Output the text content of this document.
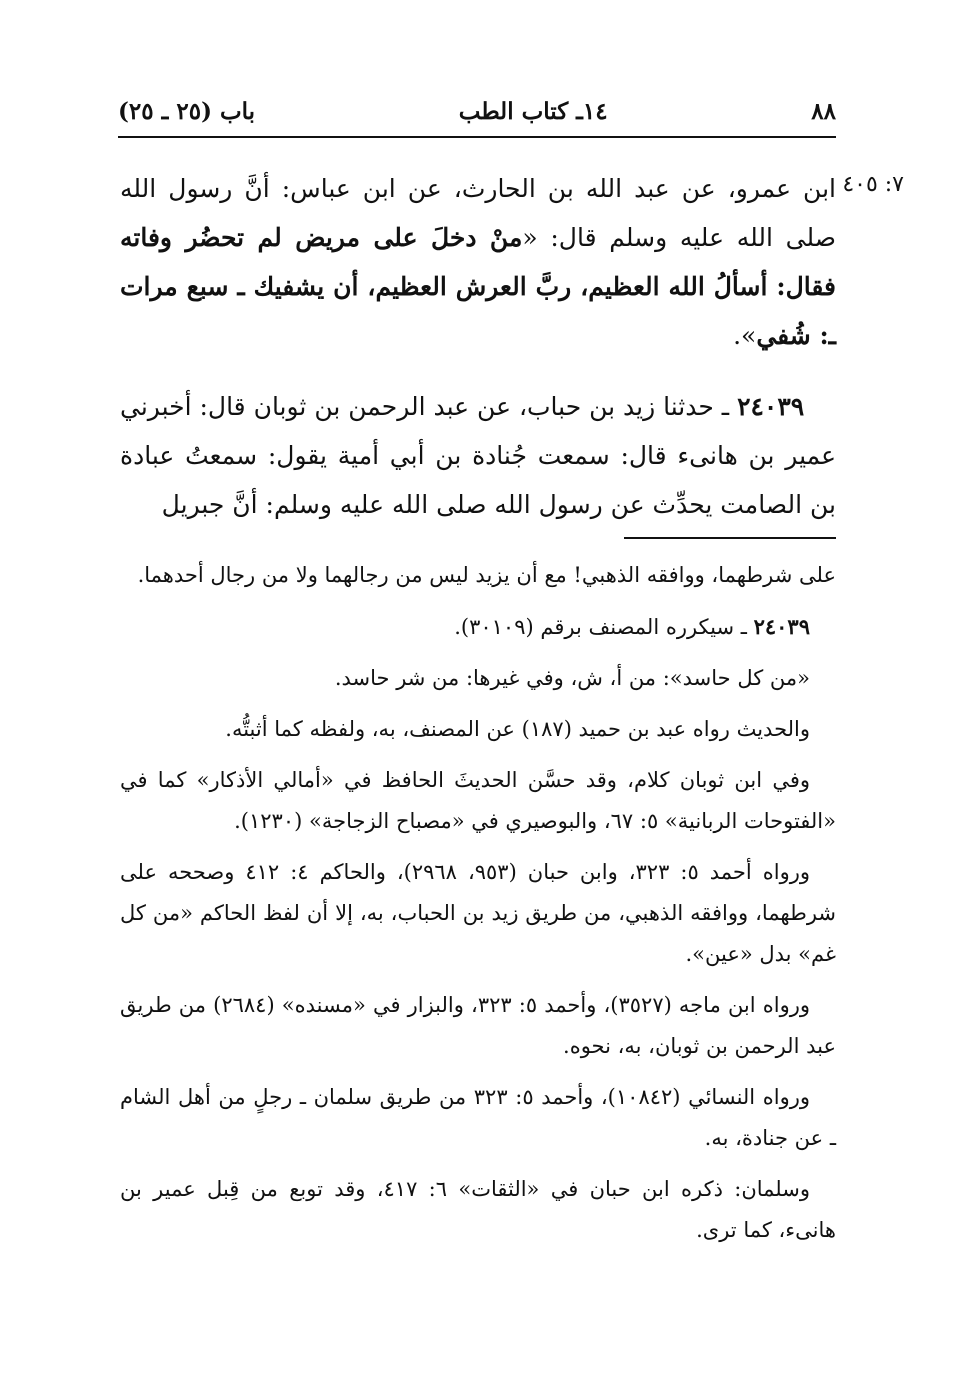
٨٨
١٤ـ كتاب الطب
باب (٢٥ ـ ٢٥)
٧: ٤٠٥

ابن عمرو، عن عبد الله بن الحارث، عن ابن عباس: أنَّ رسول الله صلى الله عليه وسلم قال: «منْ دخلَ على مريض لم تحضُر وفاته فقال: أسألُ الله العظيم، ربَّ العرش العظيم، أن يشفيك ـ سبع مرات ـ: شُفي».

٢٤٠٣٩ ـ حدثنا زيد بن حباب، عن عبد الرحمن بن ثوبان قال: أخبرني عمير بن هانىء قال: سمعت جُنادة بن أبي أمية يقول: سمعتُ عبادة بن الصامت يحدِّث عن رسول الله صلى الله عليه وسلم: أنَّ جبريل

على شرطهما، ووافقه الذهبي! مع أن يزيد ليس من رجالهما ولا من رجال أحدهما.

٢٤٠٣٩ ـ سيكرره المصنف برقم (٣٠١٠٩).

«من كل حاسد»: من أ، ش، وفي غيرها: من شر حاسد.

والحديث رواه عبد بن حميد (١٨٧) عن المصنف، به، ولفظه كما أثبتُّه.

وفي ابن ثوبان كلام، وقد حسَّن الحديثَ الحافظ في «أمالي الأذكار» كما في «الفتوحات الربانية» ٥: ٦٧، والبوصيري في «مصباح الزجاجة» (١٢٣٠).

ورواه أحمد ٥: ٣٢٣، وابن حبان (٩٥٣، ٢٩٦٨)، والحاكم ٤: ٤١٢ وصححه على شرطهما، ووافقه الذهبي، من طريق زيد بن الحباب، به، إلا أن لفظ الحاكم «من كل غم» بدل «عين».

ورواه ابن ماجه (٣٥٢٧)، وأحمد ٥: ٣٢٣، والبزار في «مسنده» (٢٦٨٤) من طريق عبد الرحمن بن ثوبان، به، نحوه.

ورواه النسائي (١٠٨٤٢)، وأحمد ٥: ٣٢٣ من طريق سلمان ـ رجلٍ من أهل الشام ـ عن جنادة، به.

وسلمان: ذكره ابن حبان في «الثقات» ٦: ٤١٧، وقد توبع من قِبل عمير بن هانىء، كما ترى.
